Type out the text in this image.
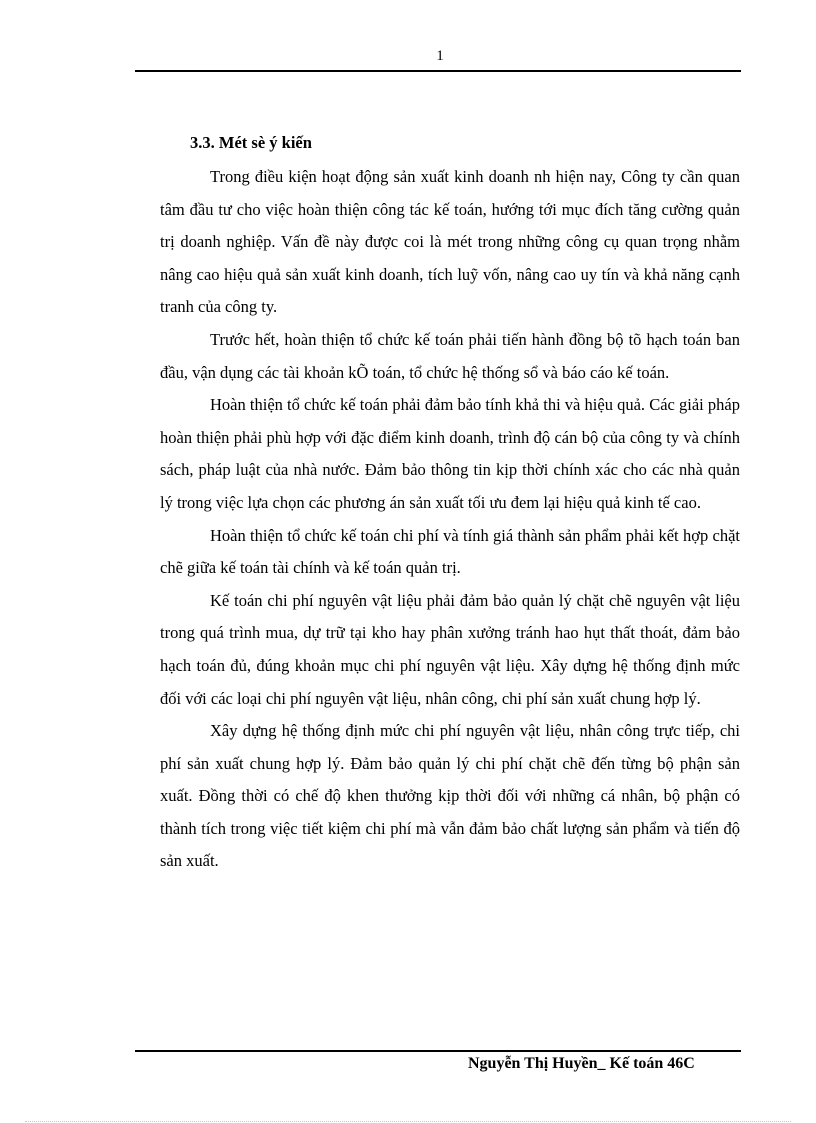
1
3.3. Mét sè ý kiến

Trong điều kiện hoạt động sản xuất kinh doanh nh hiện nay, Công ty cần quan tâm đầu tư cho việc hoàn thiện công tác kế toán, hướng tới mục đích tăng cường quản trị doanh nghiệp. Vấn đề này được coi là mét trong những công cụ quan trọng nhằm nâng cao hiệu quả sản xuất kinh doanh, tích luỹ vốn, nâng cao uy tín và khả năng cạnh tranh của công ty.

Trước hết, hoàn thiện tổ chức kế toán phải tiến hành đồng bộ tõ hạch toán ban đầu, vận dụng các tài khoản kÕ toán, tổ chức hệ thống sổ và báo cáo kế toán.

Hoàn thiện tổ chức kế toán phải đảm bảo tính khả thi và hiệu quả. Các giải pháp hoàn thiện phải phù hợp với đặc điểm kinh doanh, trình độ cán bộ của công ty và chính sách, pháp luật của nhà nước. Đảm bảo thông tin kịp thời chính xác cho các nhà quản lý trong việc lựa chọn các phương án sản xuất tối ưu đem lại hiệu quả kinh tế cao.

Hoàn thiện tổ chức kế toán chi phí và tính giá thành sản phẩm phải kết hợp chặt chẽ giữa kế toán tài chính và kế toán quản trị.

Kế toán chi phí nguyên vật liệu phải đảm bảo quản lý chặt chẽ nguyên vật liệu trong quá trình mua, dự trữ tại kho hay phân xưởng tránh hao hụt thất thoát, đảm bảo hạch toán đủ, đúng khoản mục chi phí nguyên vật liệu. Xây dựng hệ thống định mức đối với các loại chi phí nguyên vật liệu, nhân công, chi phí sản xuất chung hợp lý.

Xây dựng hệ thống định mức chi phí nguyên vật liệu, nhân công trực tiếp, chi phí sản xuất chung hợp lý. Đảm bảo quản lý chi phí chặt chẽ đến từng bộ phận sản xuất. Đồng thời có chế độ khen thưởng kịp thời đối với những cá nhân, bộ phận có thành tích trong việc tiết kiệm chi phí mà vẫn đảm bảo chất lượng sản phẩm và tiến độ sản xuất.

Nguyễn Thị Huyền_ Kế toán 46C
